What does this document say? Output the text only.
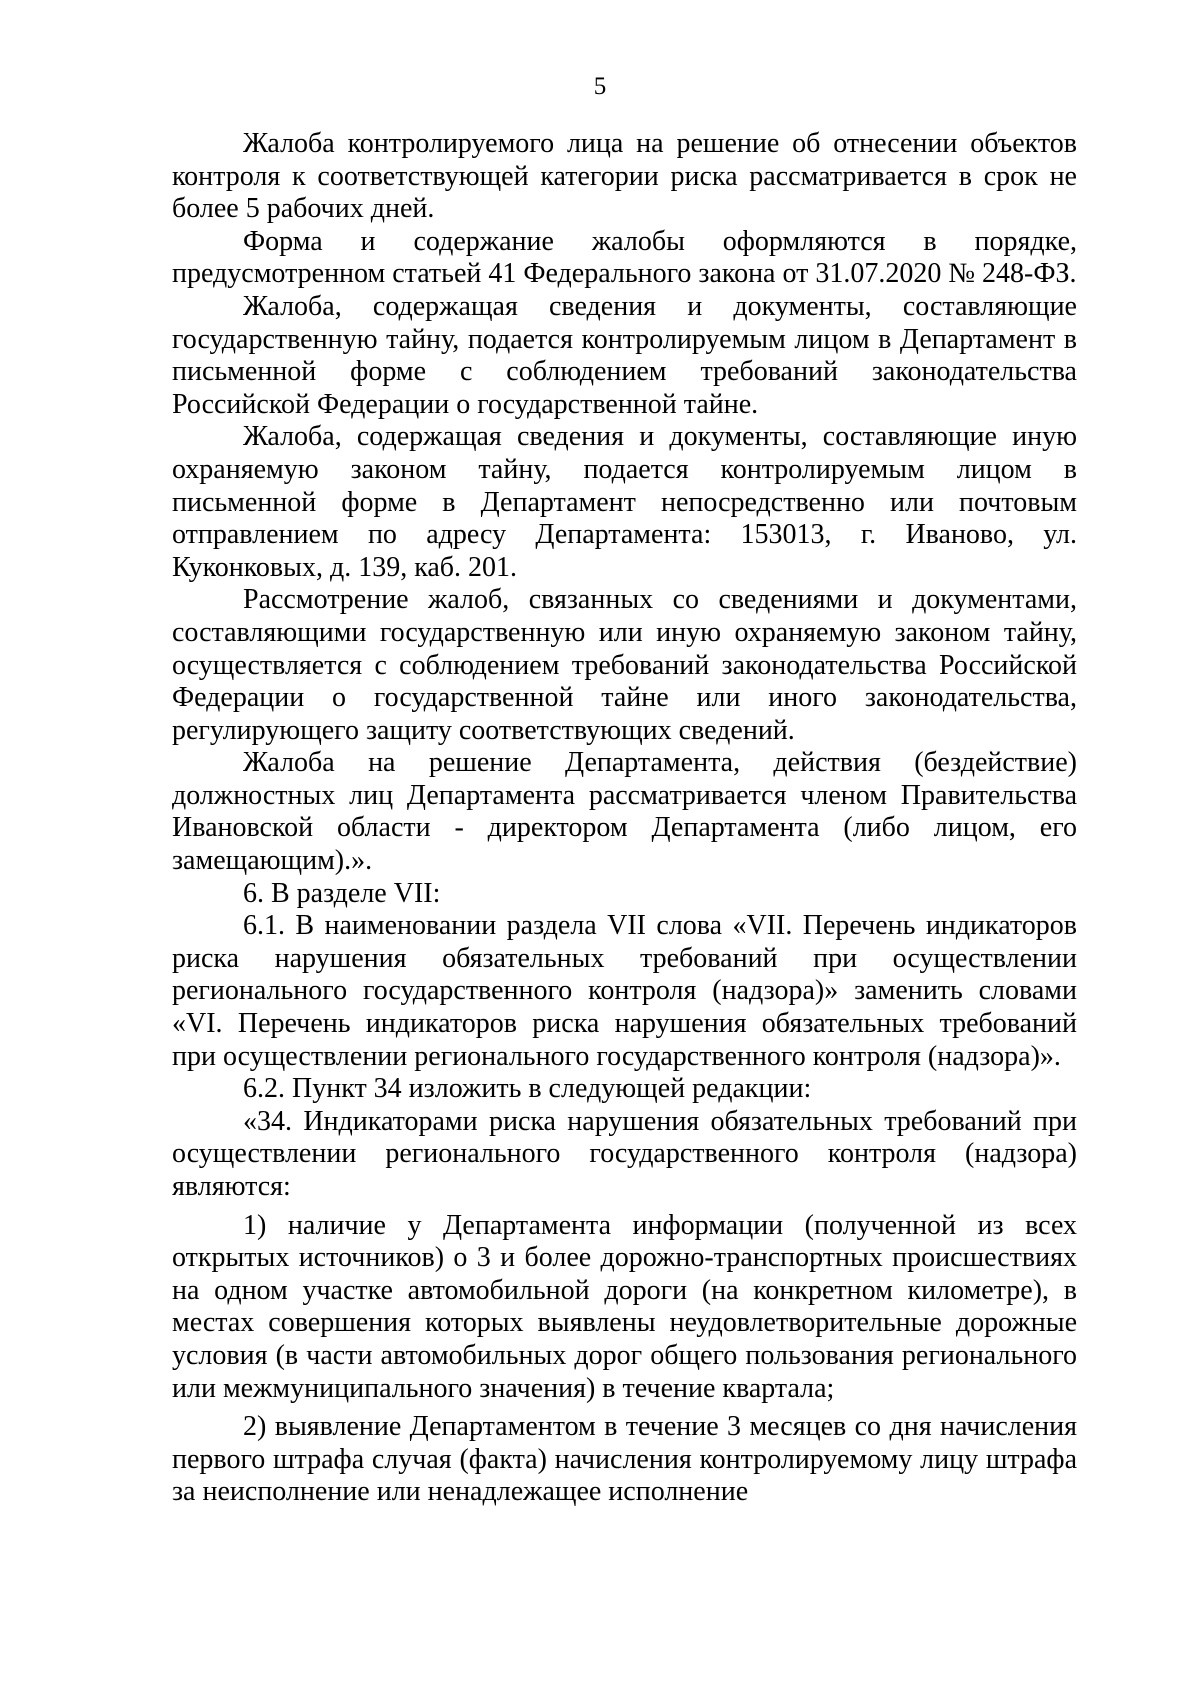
5

Жалоба контролируемого лица на решение об отнесении объектов контроля к соответствующей категории риска рассматривается в срок не более 5 рабочих дней.

Форма и содержание жалобы оформляются в порядке, предусмотренном статьей 41 Федерального закона от 31.07.2020 № 248-ФЗ.

Жалоба, содержащая сведения и документы, составляющие государственную тайну, подается контролируемым лицом в Департамент в письменной форме с соблюдением требований законодательства Российской Федерации о государственной тайне.

Жалоба, содержащая сведения и документы, составляющие иную охраняемую законом тайну, подается контролируемым лицом в письменной форме в Департамент непосредственно или почтовым отправлением по адресу Департамента: 153013, г. Иваново, ул. Куконковых, д. 139, каб. 201.

Рассмотрение жалоб, связанных со сведениями и документами, составляющими государственную или иную охраняемую законом тайну, осуществляется с соблюдением требований законодательства Российской Федерации о государственной тайне или иного законодательства, регулирующего защиту соответствующих сведений.

Жалоба на решение Департамента, действия (бездействие) должностных лиц Департамента рассматривается членом Правительства Ивановской области - директором Департамента (либо лицом, его замещающим).».

6. В разделе VII:

6.1. В наименовании раздела VII слова «VII. Перечень индикаторов риска нарушения обязательных требований при осуществлении регионального государственного контроля (надзора)» заменить словами «VI. Перечень индикаторов риска нарушения обязательных требований при осуществлении регионального государственного контроля (надзора)».

6.2. Пункт 34 изложить в следующей редакции:

«34. Индикаторами риска нарушения обязательных требований при осуществлении регионального государственного контроля (надзора) являются:

1) наличие у Департамента информации (полученной из всех открытых источников) о 3 и более дорожно-транспортных происшествиях на одном участке автомобильной дороги (на конкретном километре), в местах совершения которых выявлены неудовлетворительные дорожные условия (в части автомобильных дорог общего пользования регионального или межмуниципального значения) в течение квартала;

2) выявление Департаментом в течение 3 месяцев со дня начисления первого штрафа случая (факта) начисления контролируемому лицу штрафа за неисполнение или ненадлежащее исполнение
